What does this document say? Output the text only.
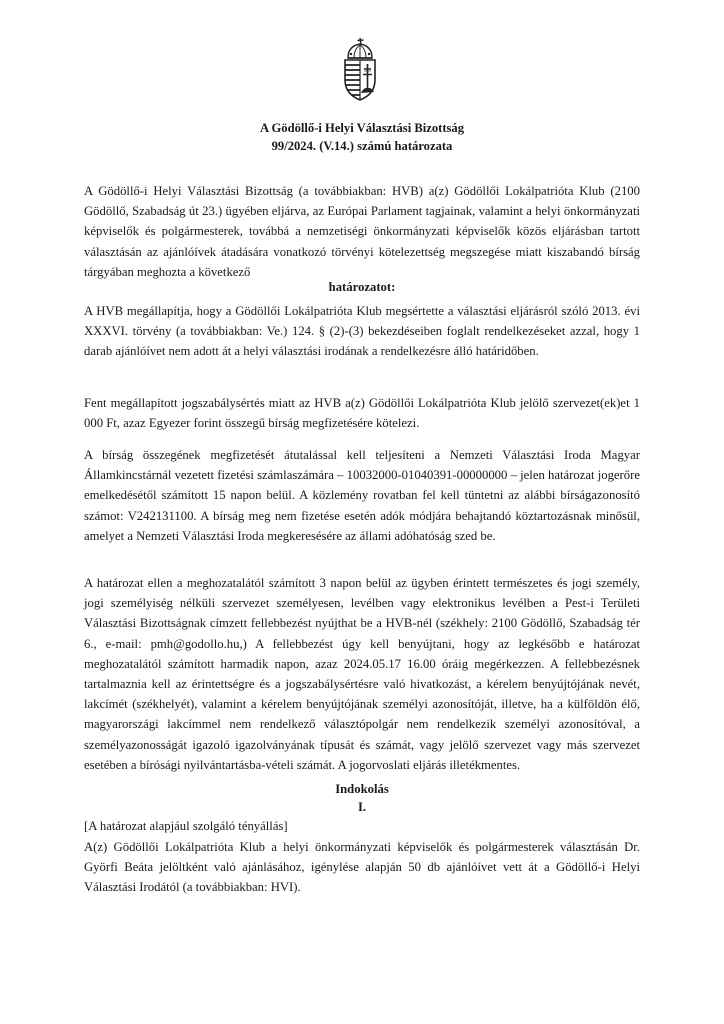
A Gödöllő-i Helyi Választási Bizottság
99/2024. (V.14.) számú határozata

A Gödöllő-i Helyi Választási Bizottság (a továbbiakban: HVB) a(z) Gödöllői Lokálpatrióta Klub (2100 Gödöllő, Szabadság út 23.) ügyében eljárva, az Európai Parlament tagjainak, valamint a helyi önkormányzati képviselők és polgármesterek, továbbá a nemzetiségi önkormányzati képviselők közös eljárásban tartott választásán az ajánlóívek átadására vonatkozó törvényi kötelezettség megszegése miatt kiszabandó bírság tárgyában meghozta a következő

határozatot:

A HVB megállapítja, hogy a Gödöllői Lokálpatrióta Klub megsértette a választási eljárásról szóló 2013. évi XXXVI. törvény (a továbbiakban: Ve.) 124. § (2)-(3) bekezdéseiben foglalt rendelkezéseket azzal, hogy 1 darab ajánlóívet nem adott át a helyi választási irodának a rendelkezésre álló határidőben.

Fent megállapított jogszabálysértés miatt az HVB a(z) Gödöllői Lokálpatrióta Klub jelölő szervezet(ek)et 1 000 Ft, azaz Egyezer forint összegű bírság megfizetésére kötelezi.

A bírság összegének megfizetését átutalással kell teljesíteni a Nemzeti Választási Iroda Magyar Államkincstárnál vezetett fizetési számlaszámára – 10032000-01040391-00000000 – jelen határozat jogerőre emelkedésétől számított 15 napon belül. A közlemény rovatban fel kell tüntetni az alábbi bírságazonosító számot: V242131100. A bírság meg nem fizetése esetén adók módjára behajtandó köztartozásnak minősül, amelyet a Nemzeti Választási Iroda megkeresésére az állami adóhatóság szed be.

A határozat ellen a meghozatalától számított 3 napon belül az ügyben érintett természetes és jogi személy, jogi személyiség nélküli szervezet személyesen, levélben vagy elektronikus levélben a Pest-i Területi Választási Bizottságnak címzett fellebbezést nyújthat be a HVB-nél (székhely: 2100 Gödöllő, Szabadság tér 6., e-mail: pmh@godollo.hu,) A fellebbezést úgy kell benyújtani, hogy az legkésőbb e határozat meghozatalától számított harmadik napon, azaz 2024.05.17 16.00 óráig megérkezzen. A fellebbezésnek tartalmaznia kell az érintettségre és a jogszabálysértésre való hivatkozást, a kérelem benyújtójának nevét, lakcímét (székhelyét), valamint a kérelem benyújtójának személyi azonosítóját, illetve, ha a külföldön élő, magyarországi lakcímmel nem rendelkező választópolgár nem rendelkezik személyi azonosítóval, a személyazonosságát igazoló igazolványának típusát és számát, vagy jelölő szervezet vagy más szervezet esetében a bírósági nyilvántartásba-vételi számát. A jogorvoslati eljárás illetékmentes.

Indokolás
I.
[A határozat alapjául szolgáló tényállás]

A(z) Gödöllői Lokálpatrióta Klub a helyi önkormányzati képviselők és polgármesterek választásán Dr. Györfi Beáta jelöltként való ajánlásához, igénylése alapján 50 db ajánlóívet vett át a Gödöllő-i Helyi Választási Irodától (a továbbiakban: HVI).
